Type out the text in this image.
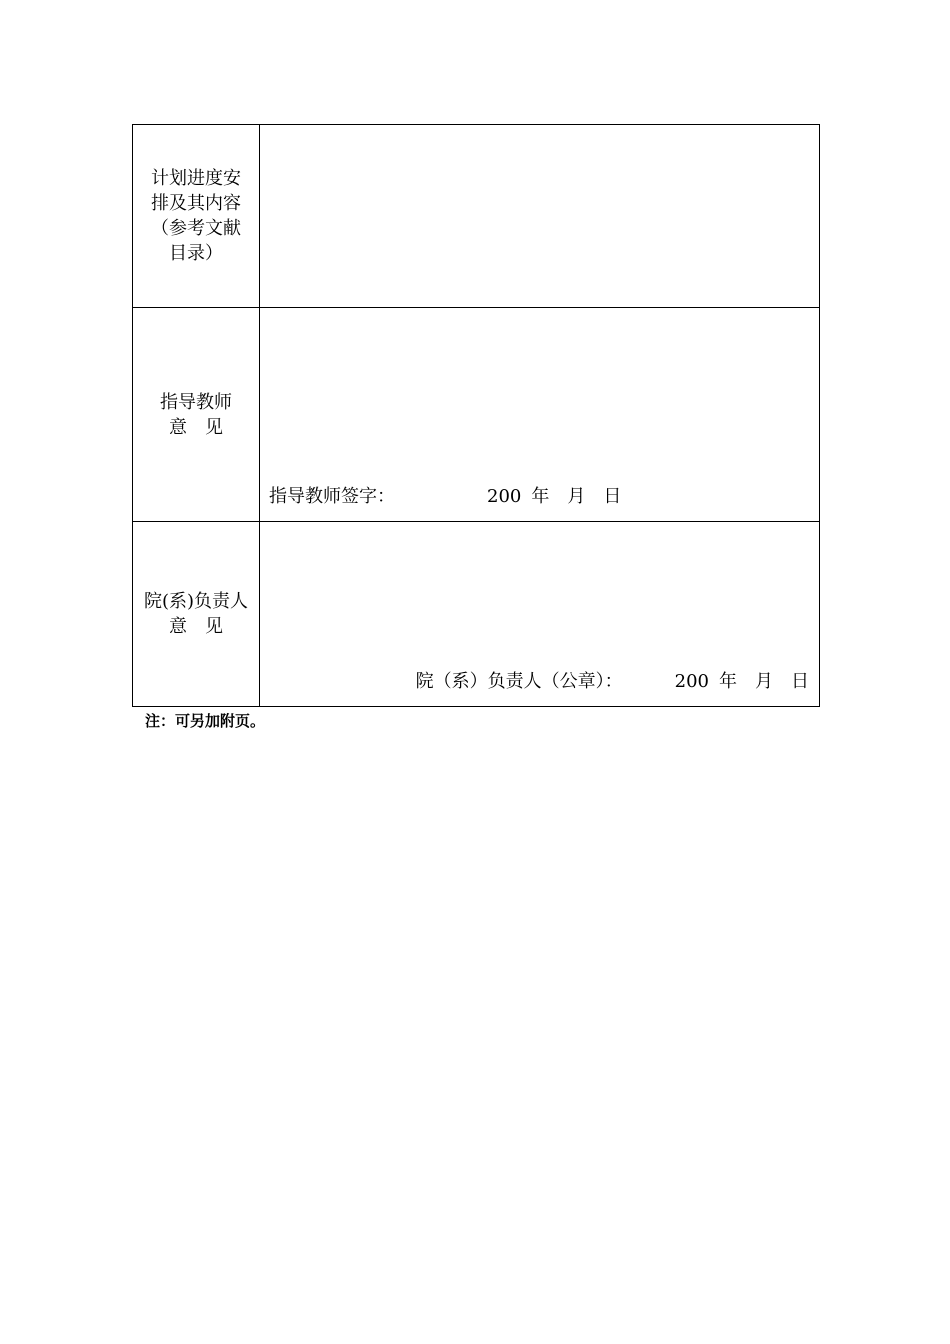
计划进度安
排及其内容
（参考文献
目录）	

指导教师
意　见	指导教师签字： 200 年 月 日

院(系)负责人
意　见	院（系）负责人（公章）： 200 年 月 日
注：可另加附页。
